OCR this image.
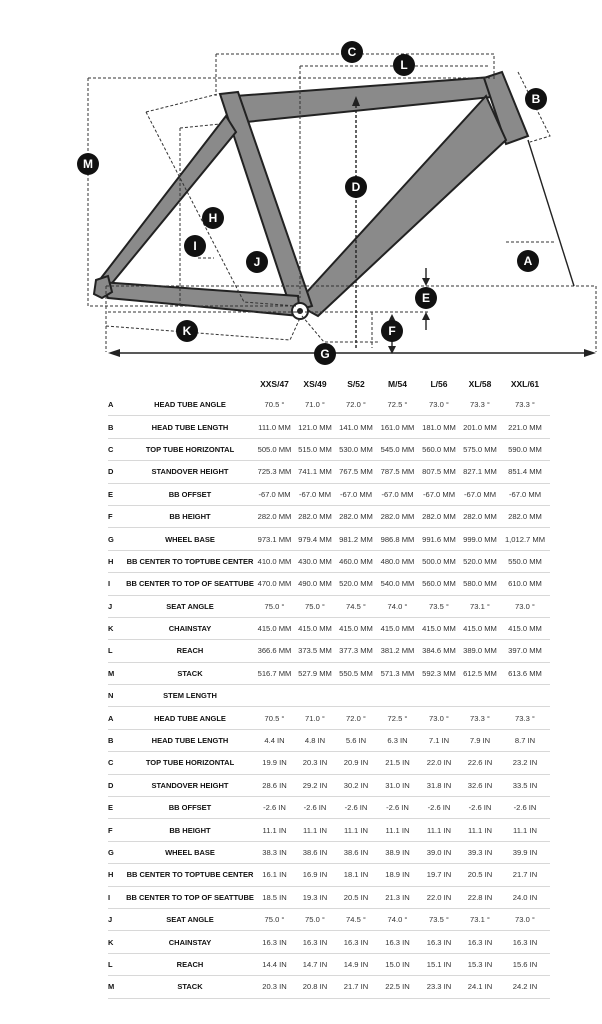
C
L
B
M
D
H
I
J	A
E
K	F
G
		XXS/47	XS/49	S/52	M/54	L/56	XL/58	XXL/61
A	HEAD TUBE ANGLE	70.5 °	71.0 °	72.0 °	72.5 °	73.0 °	73.3 °	73.3 °
B	HEAD TUBE LENGTH	111.0 MM	121.0 MM	141.0 MM	161.0 MM	181.0 MM	201.0 MM	221.0 MM
C	TOP TUBE HORIZONTAL	505.0 MM	515.0 MM	530.0 MM	545.0 MM	560.0 MM	575.0 MM	590.0 MM
D	STANDOVER HEIGHT	725.3 MM	741.1 MM	767.5 MM	787.5 MM	807.5 MM	827.1 MM	851.4 MM
E	BB OFFSET	-67.0 MM	-67.0 MM	-67.0 MM	-67.0 MM	-67.0 MM	-67.0 MM	-67.0 MM
F	BB HEIGHT	282.0 MM	282.0 MM	282.0 MM	282.0 MM	282.0 MM	282.0 MM	282.0 MM
G	WHEEL BASE	973.1 MM	979.4 MM	981.2 MM	986.8 MM	991.6 MM	999.0 MM	1,012.7 MM
H	BB CENTER TO TOPTUBE CENTER	410.0 MM	430.0 MM	460.0 MM	480.0 MM	500.0 MM	520.0 MM	550.0 MM
I	BB CENTER TO TOP OF SEATTUBE	470.0 MM	490.0 MM	520.0 MM	540.0 MM	560.0 MM	580.0 MM	610.0 MM
J	SEAT ANGLE	75.0 °	75.0 °	74.5 °	74.0 °	73.5 °	73.1 °	73.0 °
K	CHAINSTAY	415.0 MM	415.0 MM	415.0 MM	415.0 MM	415.0 MM	415.0 MM	415.0 MM
L	REACH	366.6 MM	373.5 MM	377.3 MM	381.2 MM	384.6 MM	389.0 MM	397.0 MM
M	STACK	516.7 MM	527.9 MM	550.5 MM	571.3 MM	592.3 MM	612.5 MM	613.6 MM
N	STEM LENGTH							
A	HEAD TUBE ANGLE	70.5 °	71.0 °	72.0 °	72.5 °	73.0 °	73.3 °	73.3 °
B	HEAD TUBE LENGTH	4.4 IN	4.8 IN	5.6 IN	6.3 IN	7.1 IN	7.9 IN	8.7 IN
C	TOP TUBE HORIZONTAL	19.9 IN	20.3 IN	20.9 IN	21.5 IN	22.0 IN	22.6 IN	23.2 IN
D	STANDOVER HEIGHT	28.6 IN	29.2 IN	30.2 IN	31.0 IN	31.8 IN	32.6 IN	33.5 IN
E	BB OFFSET	-2.6 IN	-2.6 IN	-2.6 IN	-2.6 IN	-2.6 IN	-2.6 IN	-2.6 IN
F	BB HEIGHT	11.1 IN	11.1 IN	11.1 IN	11.1 IN	11.1 IN	11.1 IN	11.1 IN
G	WHEEL BASE	38.3 IN	38.6 IN	38.6 IN	38.9 IN	39.0 IN	39.3 IN	39.9 IN
H	BB CENTER TO TOPTUBE CENTER	16.1 IN	16.9 IN	18.1 IN	18.9 IN	19.7 IN	20.5 IN	21.7 IN
I	BB CENTER TO TOP OF SEATTUBE	18.5 IN	19.3 IN	20.5 IN	21.3 IN	22.0 IN	22.8 IN	24.0 IN
J	SEAT ANGLE	75.0 °	75.0 °	74.5 °	74.0 °	73.5 °	73.1 °	73.0 °
K	CHAINSTAY	16.3 IN	16.3 IN	16.3 IN	16.3 IN	16.3 IN	16.3 IN	16.3 IN
L	REACH	14.4 IN	14.7 IN	14.9 IN	15.0 IN	15.1 IN	15.3 IN	15.6 IN
M	STACK	20.3 IN	20.8 IN	21.7 IN	22.5 IN	23.3 IN	24.1 IN	24.2 IN
